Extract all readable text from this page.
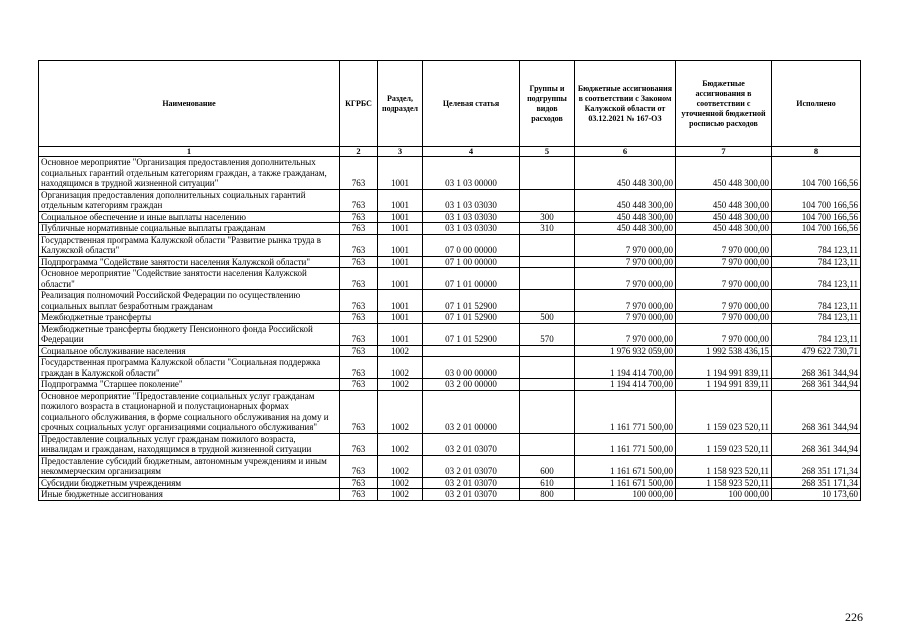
Наименование	КГРБС	Раздел, подраздел	Целевая статья	Группы и подгруппы видов расходов	Бюджетные ассигнования в соответствии с Законом Калужской области от 03.12.2021 № 167-ОЗ	Бюджетные ассигнования в соответствии с уточненной бюджетной росписью расходов	Исполнено
1	2	3	4	5	6	7	8
Основное мероприятие "Организация предоставления дополнительных социальных гарантий отдельным категориям граждан, а также гражданам, находящимся в трудной жизненной ситуации"	763	1001	03 1 03 00000		450 448 300,00	450 448 300,00	104 700 166,56
Организация предоставления дополнительных социальных гарантий отдельным категориям граждан	763	1001	03 1 03 03030		450 448 300,00	450 448 300,00	104 700 166,56
Социальное обеспечение и иные выплаты населению	763	1001	03 1 03 03030	300	450 448 300,00	450 448 300,00	104 700 166,56
Публичные нормативные социальные выплаты гражданам	763	1001	03 1 03 03030	310	450 448 300,00	450 448 300,00	104 700 166,56
Государственная программа Калужской области "Развитие рынка труда в Калужской области"	763	1001	07 0 00 00000		7 970 000,00	7 970 000,00	784 123,11
Подпрограмма "Содействие занятости населения Калужской области"	763	1001	07 1 00 00000		7 970 000,00	7 970 000,00	784 123,11
Основное мероприятие "Содействие занятости населения Калужской области"	763	1001	07 1 01 00000		7 970 000,00	7 970 000,00	784 123,11
Реализация полномочий Российской Федерации по осуществлению социальных выплат безработным гражданам	763	1001	07 1 01 52900		7 970 000,00	7 970 000,00	784 123,11
Межбюджетные трансферты	763	1001	07 1 01 52900	500	7 970 000,00	7 970 000,00	784 123,11
Межбюджетные трансферты бюджету Пенсионного фонда Российской Федерации	763	1001	07 1 01 52900	570	7 970 000,00	7 970 000,00	784 123,11
Социальное обслуживание населения	763	1002			1 976 932 059,00	1 992 538 436,15	479 622 730,71
Государственная программа Калужской области "Социальная поддержка граждан в Калужской области"	763	1002	03 0 00 00000		1 194 414 700,00	1 194 991 839,11	268 361 344,94
Подпрограмма "Старшее поколение"	763	1002	03 2 00 00000		1 194 414 700,00	1 194 991 839,11	268 361 344,94
Основное мероприятие "Предоставление социальных услуг гражданам пожилого возраста в стационарной и полустационарных формах социального обслуживания, в форме социального обслуживания на дому и срочных социальных услуг организациями социального обслуживания"	763	1002	03 2 01 00000		1 161 771 500,00	1 159 023 520,11	268 361 344,94
Предоставление социальных услуг гражданам пожилого возраста, инвалидам и гражданам, находящимся в трудной жизненной ситуации	763	1002	03 2 01 03070		1 161 771 500,00	1 159 023 520,11	268 361 344,94
Предоставление субсидий бюджетным, автономным учреждениям и иным некоммерческим организациям	763	1002	03 2 01 03070	600	1 161 671 500,00	1 158 923 520,11	268 351 171,34
Субсидии бюджетным учреждениям	763	1002	03 2 01 03070	610	1 161 671 500,00	1 158 923 520,11	268 351 171,34
Иные бюджетные ассигнования	763	1002	03 2 01 03070	800	100 000,00	100 000,00	10 173,60
226
